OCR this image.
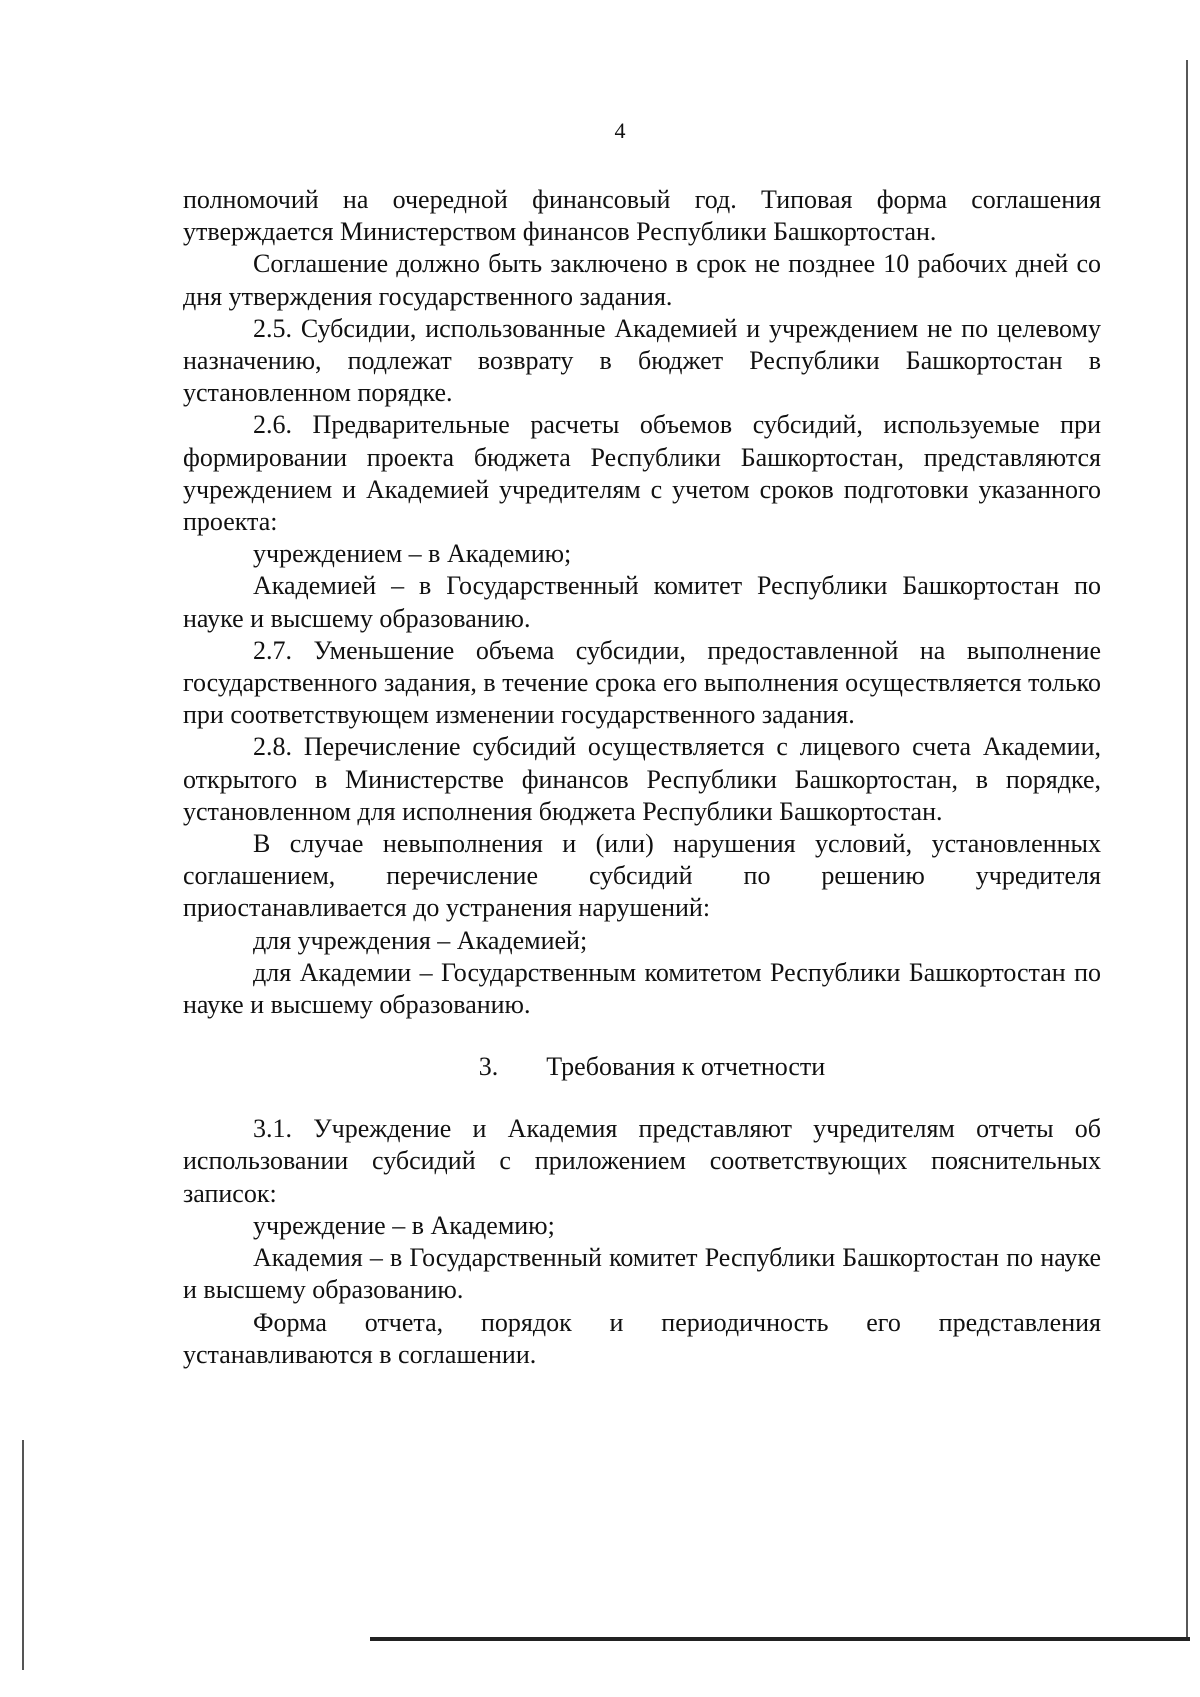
4

полномочий на очередной финансовый год. Типовая форма соглашения утверждается Министерством финансов Республики Башкортостан.

Соглашение должно быть заключено в срок не позднее 10 рабочих дней со дня утверждения государственного задания.

2.5. Субсидии, использованные Академией и учреждением не по целевому назначению, подлежат возврату в бюджет Республики Башкортостан в установленном порядке.

2.6. Предварительные расчеты объемов субсидий, используемые при формировании проекта бюджета Республики Башкортостан, представляются учреждением и Академией учредителям с учетом сроков подготовки указанного проекта:

учреждением – в Академию;

Академией – в Государственный комитет Республики Башкортостан по науке и высшему образованию.

2.7. Уменьшение объема субсидии, предоставленной на выполнение государственного задания, в течение срока его выполнения осуществляется только при соответствующем изменении государственного задания.

2.8. Перечисление субсидий осуществляется с лицевого счета Академии, открытого в Министерстве финансов Республики Башкортостан, в порядке, установленном для исполнения бюджета Республики Башкортостан.

В случае невыполнения и (или) нарушения условий, установленных соглашением, перечисление субсидий по решению учредителя приостанавливается до устранения нарушений:

для учреждения – Академией;

для Академии – Государственным комитетом Республики Башкортостан по науке и высшему образованию.

3. Требования к отчетности

3.1. Учреждение и Академия представляют учредителям отчеты об использовании субсидий с приложением соответствующих пояснительных записок:

учреждение – в Академию;

Академия – в Государственный комитет Республики Башкортостан по науке и высшему образованию.

Форма отчета, порядок и периодичность его представления устанавливаются в соглашении.
